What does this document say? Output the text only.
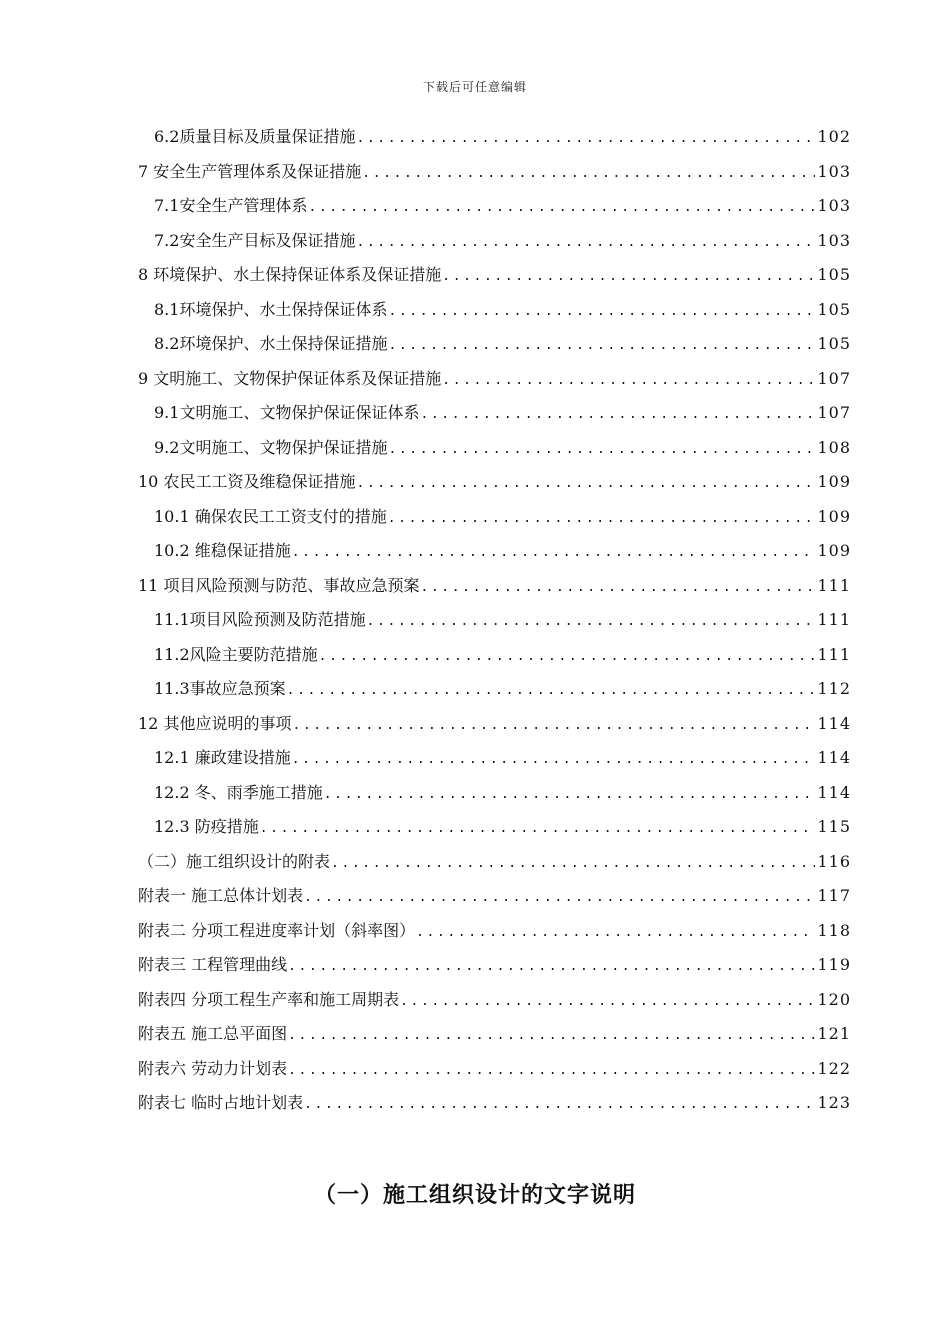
下载后可任意编辑
6.2质量目标及质量保证措施 .....	102
7 安全生产管理体系及保证措施 .....	103
7.1安全生产管理体系 .....	103
7.2安全生产目标及保证措施 .....	103
8 环境保护、水土保持保证体系及保证措施 .....	105
8.1环境保护、水土保持保证体系 .....	105
8.2环境保护、水土保持保证措施 .....	105
9 文明施工、文物保护保证体系及保证措施 .....	107
9.1文明施工、文物保护保证保证体系 .....	107
9.2文明施工、文物保护保证措施 .....	108
10 农民工工资及维稳保证措施 .....	109
10.1 确保农民工工资支付的措施 .....	109
10.2 维稳保证措施 .....	109
11 项目风险预测与防范、事故应急预案 .....	111
11.1项目风险预测及防范措施 .....	111
11.2风险主要防范措施 .....	111
11.3事故应急预案 .....	112
12 其他应说明的事项 .....	114
12.1 廉政建设措施 .....	114
12.2 冬、雨季施工措施 .....	114
12.3 防疫措施 .....	115
（二）施工组织设计的附表 .....	116
附表一 施工总体计划表 .....	117
附表二 分项工程进度率计划（斜率图） .....	118
附表三 工程管理曲线 .....	119
附表四 分项工程生产率和施工周期表 .....	120
附表五 施工总平面图 .....	121
附表六 劳动力计划表 .....	122
附表七 临时占地计划表 .....	123
（一）施工组织设计的文字说明
